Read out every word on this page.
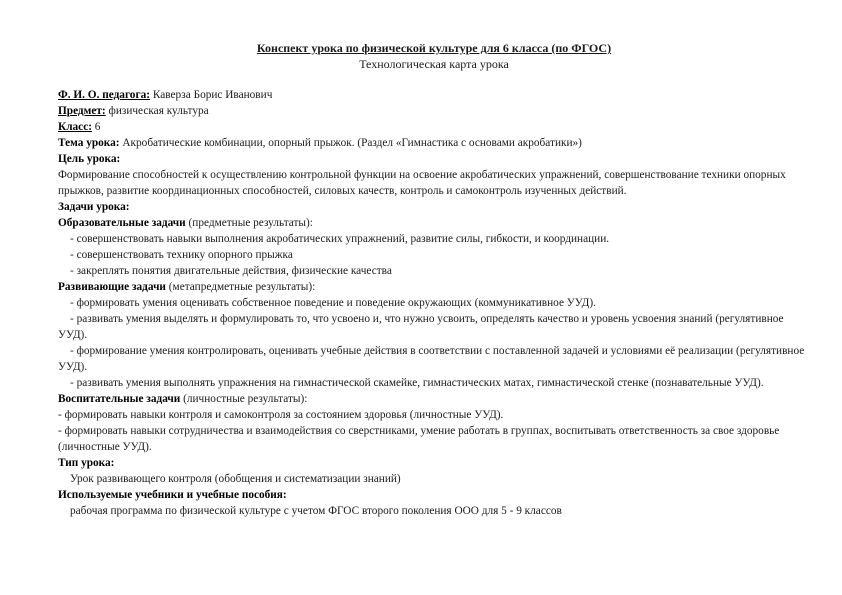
Конспект урока по физической культуре для 6 класса (по ФГОС)

Технологическая карта урока

Ф. И. О. педагога: Каверза Борис Иванович

Предмет: физическая культура

Класс: 6

Тема урока: Акробатические комбинации, опорный прыжок. (Раздел «Гимнастика с основами акробатики»)

Цель урока:

Формирование способностей к осуществлению контрольной функции на освоение акробатических упражнений, совершенствование техники опорных прыжков, развитие координационных способностей, силовых качеств, контроль и самоконтроль изученных действий.

Задачи урока:

Образовательные задачи (предметные результаты):

- совершенствовать навыки выполнения акробатических упражнений, развитие силы, гибкости, и координации.

- совершенствовать технику опорного прыжка

- закреплять понятия двигательные действия, физические качества

Развивающие задачи (метапредметные результаты):

- формировать умения оценивать собственное поведение и поведение окружающих (коммуникативное УУД).

- развивать умения выделять и формулировать то, что усвоено и, что нужно усвоить, определять качество и уровень усвоения знаний (регулятивное УУД).

- формирование умения контролировать, оценивать учебные действия в соответствии с поставленной задачей и условиями её реализации (регулятивное УУД).

- развивать умения выполнять упражнения на гимнастической скамейке, гимнастических матах, гимнастической стенке (познавательные УУД).

Воспитательные задачи (личностные результаты):

- формировать навыки контроля и самоконтроля за состоянием здоровья (личностные УУД).

- формировать навыки сотрудничества и взаимодействия со сверстниками, умение работать в группах, воспитывать ответственность за свое здоровье (личностные УУД).

Тип урока:

Урок развивающего контроля (обобщения и систематизации знаний)

Используемые учебники и учебные пособия:

рабочая программа по физической культуре с учетом ФГОС второго поколения ООО для 5 - 9 классов
